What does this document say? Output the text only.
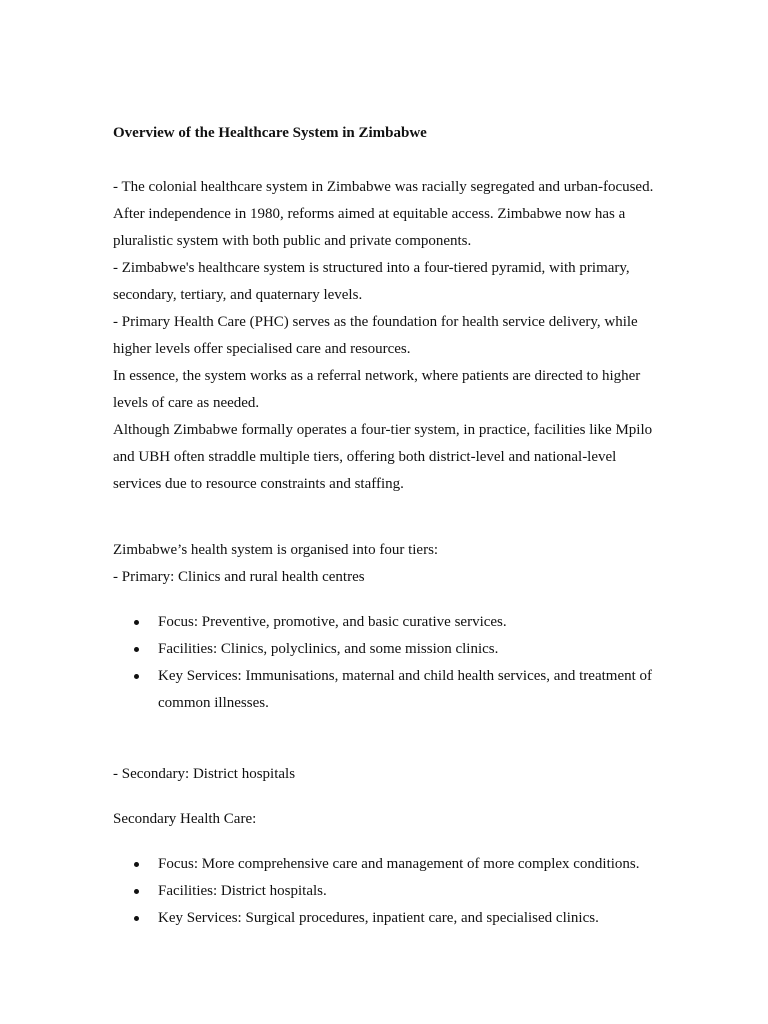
Overview of the Healthcare System in Zimbabwe

- The colonial healthcare system in Zimbabwe was racially segregated and urban-focused. After independence in 1980, reforms aimed at equitable access. Zimbabwe now has a pluralistic system with both public and private components.

- Zimbabwe's healthcare system is structured into a four-tiered pyramid, with primary, secondary, tertiary, and quaternary levels.

- Primary Health Care (PHC) serves as the foundation for health service delivery, while higher levels offer specialised care and resources.

In essence, the system works as a referral network, where patients are directed to higher levels of care as needed.

Although Zimbabwe formally operates a four-tier system, in practice, facilities like Mpilo and UBH often straddle multiple tiers, offering both district-level and national-level services due to resource constraints and staffing.

Zimbabwe’s health system is organised into four tiers:

- Primary: Clinics and rural health centres

Focus: Preventive, promotive, and basic curative services.
Facilities: Clinics, polyclinics, and some mission clinics.
Key Services: Immunisations, maternal and child health services, and treatment of common illnesses.

- Secondary: District hospitals

Secondary Health Care:

Focus: More comprehensive care and management of more complex conditions.
Facilities: District hospitals.
Key Services: Surgical procedures, inpatient care, and specialised clinics.
